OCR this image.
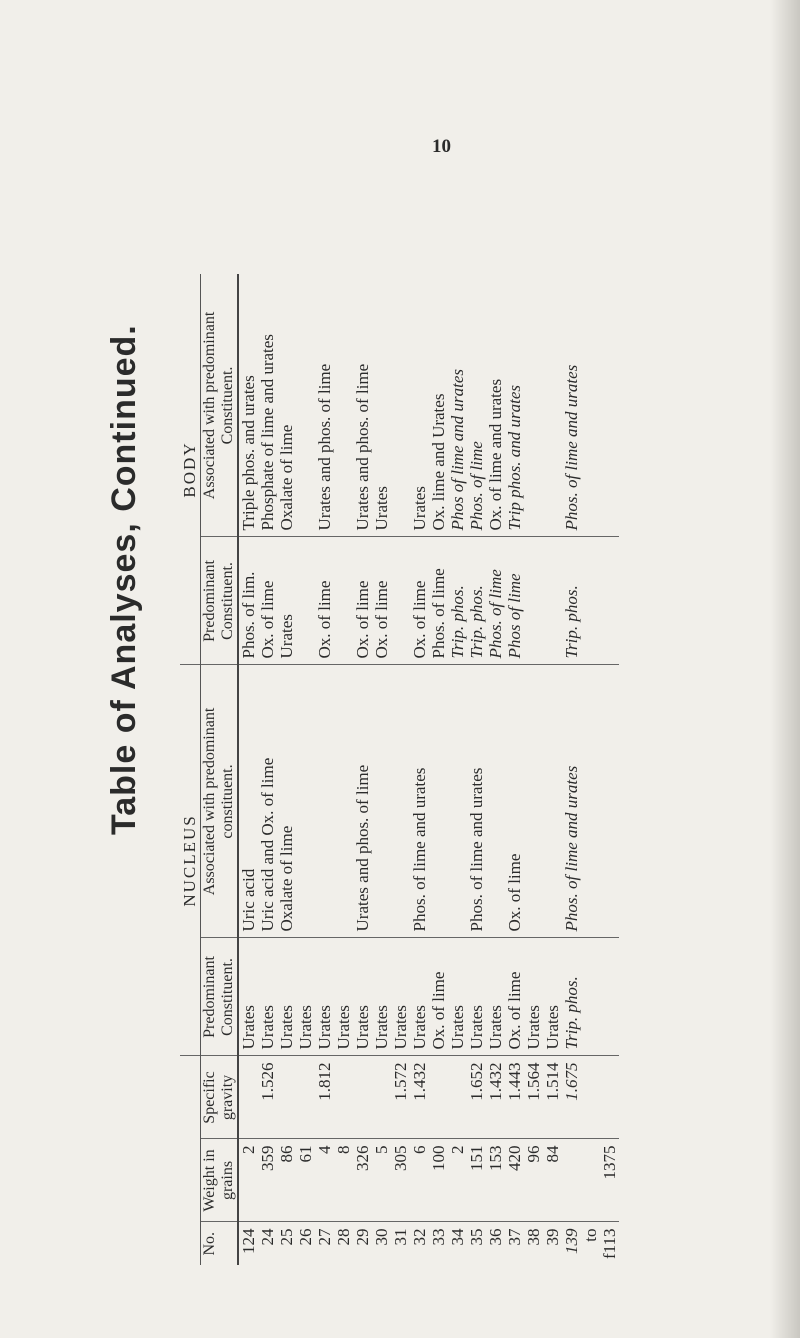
10
Table of Analyses, Continued.
			NUCLEUS		BODY	
No.	Weight in grains	Specific gravity	Predominant Constituent.	Associated with predominant constituent.	Predominant Constituent.	Associated with predominant Constituent.
124	2		Urates	Uric acid	Phos. of lim.	Triple phos. and urates
24	359	1.526	Urates	Uric acid and Ox. of lime	Ox. of lime	Phosphate of lime and urates
25	86		Urates	Oxalate of lime	Urates	Oxalate of lime
26	61		Urates			
27	4	1.812	Urates		Ox. of lime	Urates and phos. of lime
28	8		Urates			
29	326		Urates	Urates and phos. of lime	Ox. of lime	Urates and phos. of lime
30	5		Urates		Ox. of lime	Urates
31	305	1.572	Urates			
32	6	1.432	Urates	Phos. of lime and urates	Ox. of lime	Urates
33	100		Ox. of lime		Phos. of lime	Ox. lime and Urates
34	2		Urates		Trip. phos.	Phos of lime and urates
35	151	1.652	Urates	Phos. of lime and urates	Trip. phos.	Phos. of lime
36	153	1.432	Urates		Phos. of lime	Ox. of lime and urates
37	420	1.443	Ox. of lime	Ox. of lime	Phos of lime	Trip phos. and urates
38	96	1.564	Urates			
39	84	1.514	Urates			
139		1.675	Trip. phos.	Phos. of lime and urates	Trip. phos.	Phos. of lime and urates
to						
f113	1375					
